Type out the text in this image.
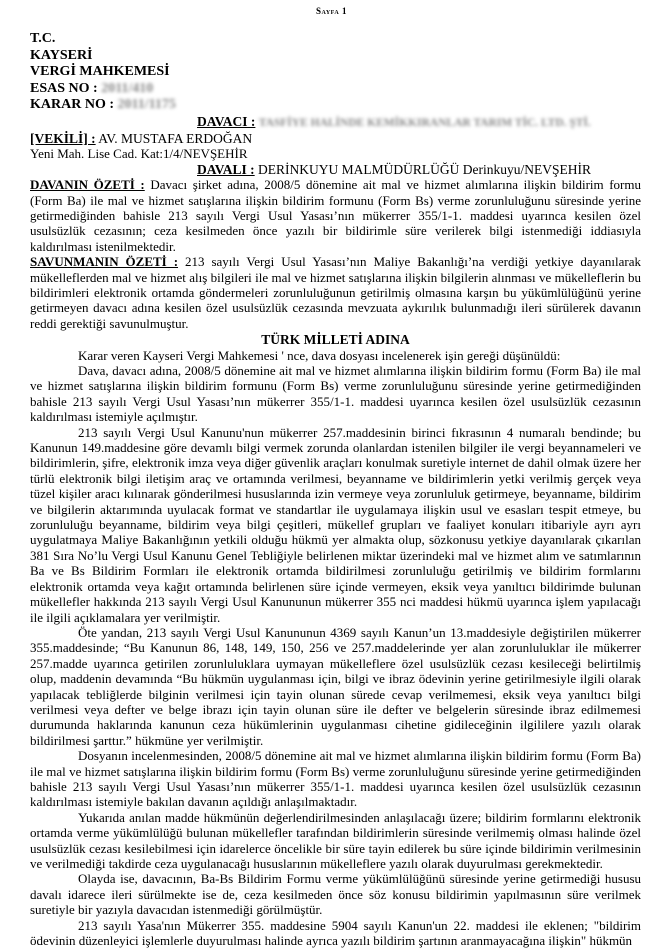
Sayfa 1
T.C.
KAYSERİ
VERGİ MAHKEMESİ
ESAS NO : 2011/410
KARAR NO : 2011/1175
DAVACI : TASFİYE HALİNDE KEMİKKIRANLAR TARIM TİC. LTD. ŞTİ.
[VEKİLİ] : AV. MUSTAFA ERDOĞAN
Yeni Mah. Lise Cad. Kat:1/4/NEVŞEHİR
DAVALI : DERİNKUYU MALMÜDÜRLÜĞÜ Derinkuyu/NEVŞEHİR

DAVANIN ÖZETİ : Davacı şirket adına, 2008/5 dönemine ait mal ve hizmet alımlarına ilişkin bildirim formu (Form Ba) ile mal ve hizmet satışlarına ilişkin bildirim formunu (Form Bs) verme zorunluluğunu süresinde yerine getirmediğinden bahisle 213 sayılı Vergi Usul Yasası’nın mükerrer 355/1-1. maddesi uyarınca kesilen özel usulsüzlük cezasının; ceza kesilmeden önce yazılı bir bildirimle süre verilerek bilgi istenmediği iddiasıyla kaldırılması istenilmektedir.

SAVUNMANIN ÖZETİ : 213 sayılı Vergi Usul Yasası’nın Maliye Bakanlığı’na verdiği yetkiye dayanılarak mükelleflerden mal ve hizmet alış bilgileri ile mal ve hizmet satışlarına ilişkin bilgilerin alınması ve mükelleflerin bu bildirimleri elektronik ortamda göndermeleri zorunluluğunun getirilmiş olmasına karşın bu yükümlülüğünü yerine getirmeyen davacı adına kesilen özel usulsüzlük cezasında mevzuata aykırılık bulunmadığı ileri sürülerek davanın reddi gerektiği savunulmuştur.

TÜRK MİLLETİ ADINA

Karar veren Kayseri Vergi Mahkemesi ' nce, dava dosyası incelenerek işin gereği düşünüldü:

Dava, davacı adına, 2008/5 dönemine ait mal ve hizmet alımlarına ilişkin bildirim formu (Form Ba) ile mal ve hizmet satışlarına ilişkin bildirim formunu (Form Bs) verme zorunluluğunu süresinde yerine getirmediğinden bahisle 213 sayılı Vergi Usul Yasası’nın mükerrer 355/1-1. maddesi uyarınca kesilen özel usulsüzlük cezasının kaldırılması istemiyle açılmıştır.

213 sayılı Vergi Usul Kanunu'nun mükerrer 257.maddesinin birinci fıkrasının 4 numaralı bendinde; bu Kanunun 149.maddesine göre devamlı bilgi vermek zorunda olanlardan istenilen bilgiler ile vergi beyannameleri ve bildirimlerin, şifre, elektronik imza veya diğer güvenlik araçları konulmak suretiyle internet de dahil olmak üzere her türlü elektronik bilgi iletişim araç ve ortamında verilmesi, beyanname ve bildirimlerin yetki verilmiş gerçek veya tüzel kişiler aracı kılınarak gönderilmesi hususlarında izin vermeye veya zorunluluk getirmeye, beyanname, bildirim ve bilgilerin aktarımında uyulacak format ve standartlar ile uygulamaya ilişkin usul ve esasları tespit etmeye, bu zorunluluğu beyanname, bildirim veya bilgi çeşitleri, mükellef grupları ve faaliyet konuları itibariyle ayrı ayrı uygulatmaya Maliye Bakanlığının yetkili olduğu hükmü yer almakta olup, sözkonusu yetkiye dayanılarak çıkarılan 381 Sıra No’lu Vergi Usul Kanunu Genel Tebliğiyle belirlenen miktar üzerindeki mal ve hizmet alım ve satımlarının Ba ve Bs Bildirim Formları ile elektronik ortamda bildirilmesi zorunluluğu getirilmiş ve bildirim formlarını elektronik ortamda veya kağıt ortamında belirlenen süre içinde vermeyen, eksik veya yanıltıcı bildirimde bulunan mükellefler hakkında 213 sayılı Vergi Usul Kanununun mükerrer 355 nci maddesi hükmü uyarınca işlem yapılacağı ile ilgili açıklamalara yer verilmiştir.

Öte yandan, 213 sayılı Vergi Usul Kanununun 4369 sayılı Kanun’un 13.maddesiyle değiştirilen mükerrer 355.maddesinde; “Bu Kanunun 86, 148, 149, 150, 256 ve 257.maddelerinde yer alan zorunluluklar ile mükerrer 257.madde uyarınca getirilen zorunluluklara uymayan mükelleflere özel usulsüzlük cezası kesileceği belirtilmiş olup, maddenin devamında “Bu hükmün uygulanması için, bilgi ve ibraz ödevinin yerine getirilmesiyle ilgili olarak yapılacak tebliğlerde bilginin verilmesi için tayin olunan sürede cevap verilmemesi, eksik veya yanıltıcı bilgi verilmesi veya defter ve belge ibrazı için tayin olunan süre ile defter ve belgelerin süresinde ibraz edilmemesi durumunda haklarında kanunun ceza hükümlerinin uygulanması cihetine gidileceğinin ilgililere yazılı olarak bildirilmesi şarttır.” hükmüne yer verilmiştir.

Dosyanın incelenmesinden, 2008/5 dönemine ait mal ve hizmet alımlarına ilişkin bildirim formu (Form Ba) ile mal ve hizmet satışlarına ilişkin bildirim formu (Form Bs) verme zorunluluğunu süresinde yerine getirmediğinden bahisle 213 sayılı Vergi Usul Yasası’nın mükerrer 355/1-1. maddesi uyarınca kesilen özel usulsüzlük cezasının kaldırılması istemiyle bakılan davanın açıldığı anlaşılmaktadır.

Yukarıda anılan madde hükmünün değerlendirilmesinden anlaşılacağı üzere; bildirim formlarını elektronik ortamda verme yükümlülüğü bulunan mükellefler tarafından bildirimlerin süresinde verilmemiş olması halinde özel usulsüzlük cezası kesilebilmesi için idarelerce öncelikle bir süre tayin edilerek bu süre içinde bildirimin verilmesinin ve verilmediği takdirde ceza uygulanacağı hususlarının mükelleflere yazılı olarak duyurulması gerekmektedir.

Olayda ise, davacının, Ba-Bs Bildirim Formu verme yükümlülüğünü süresinde yerine getirmediği hususu davalı idarece ileri sürülmekte ise de, ceza kesilmeden önce söz konusu bildirimin yapılmasının süre verilmek suretiyle bir yazıyla davacıdan istenmediği görülmüştür.

213 sayılı Yasa'nın Mükerrer 355. maddesine 5904 sayılı Kanun'un 22. maddesi ile eklenen; "bildirim ödevinin düzenleyici işlemlerle duyurulması halinde ayrıca yazılı bildirim şartının aranmayacağına ilişkin" hükmün
